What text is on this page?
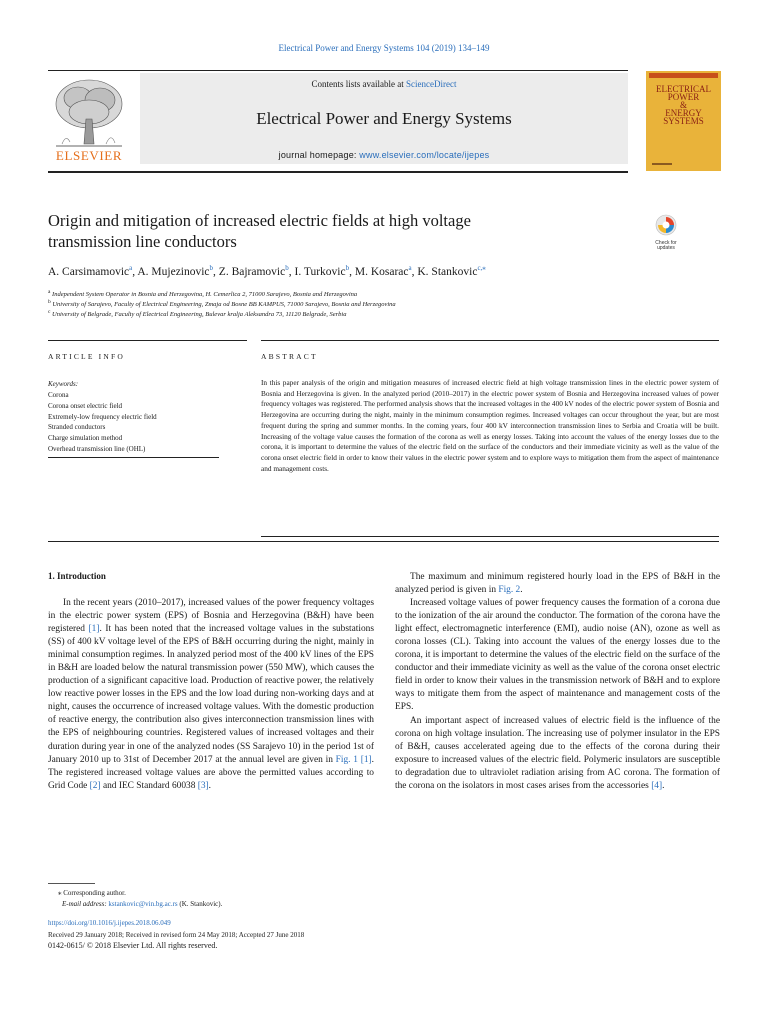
Electrical Power and Energy Systems 104 (2019) 134–149
Contents lists available at ScienceDirect
Electrical Power and Energy Systems
journal homepage: www.elsevier.com/locate/ijepes
ELSEVIER
ELECTRICAL
POWER
&
ENERGY
SYSTEMS
Origin and mitigation of increased electric fields at high voltage
transmission line conductors	Check for
updates
A. Carsimamovic$^a$, A. Mujezinovic$^b$, Z. Bajramovic$^b$, I. Turkovic$^b$, M. Kosarac$^a$, K. Stankovic$^{c,⁎}$
$^a$ Independent System Operator in Bosnia and Herzegovina, H. Cemerlica 2, 71000 Sarajevo, Bosnia and Herzegovina
$^b$ University of Sarajevo, Faculty of Electrical Engineering, Zmaja od Bosne BB KAMPUS, 71000 Sarajevo, Bosnia and Herzegovina
$^c$ University of Belgrade, Faculty of Electrical Engineering, Bulevar kralja Aleksandra 73, 11120 Belgrade, Serbia
ARTICLE INFO	ABSTRACT
Keywords:
Corona
Corona onset electric field
Extremely-low frequency electric field
Stranded conductors
Charge simulation method
Overhead transmission line (OHL)
In this paper analysis of the origin and mitigation measures of increased electric field at high voltage transmission lines in the electric power system of Bosnia and Herzegovina is given. In the analyzed period (2010–2017) in the electric power system of Bosnia and Herzegovina increased values of power frequency voltages was registered. The performed analysis shows that the increased voltages in the 400 kV nodes of the electric power system of Bosnia and Herzegovina are occurring during the night, mainly in the minimum consumption regimes. Increased voltages can occur throughout the year, but are most frequent during the spring and summer months. In the coming years, four 400 kV interconnection transmission lines to Serbia and Croatia will be built. Increasing of the voltage value causes the formation of the corona as well as energy losses. Taking into account the values of the energy losses due to the corona, it is important to determine the values of the electric field on the surface of the conductors and their immediate vicinity as well as the value of the corona onset electric field in order to know their values in the electric power system and to explore ways to mitigation them from the aspect of maintenance and management costs.
1. Introduction

In the recent years (2010–2017), increased values of the power frequency voltages in the electric power system (EPS) of Bosnia and Herzegovina (B&H) have been registered [1]. It has been noted that the increased voltage values in the substations (SS) of 400 kV voltage level of the EPS of B&H occurring during the night, mainly in minimal consumption regimes. In analyzed period most of the 400 kV lines of the EPS in B&H are loaded below the natural transmission power (550 MW), which causes the production of a significant capacitive load. Production of reactive power, the relatively low reactive power losses in the EPS and the low load during non-working days and at night, causes the occurrence of increased voltage values. With the domestic production of reactive energy, the contribution also gives interconnection transmission lines with the EPS of neighbouring countries. Registered values of increased voltages and their duration during year in one of the analyzed nodes (SS Sarajevo 10) in the period 1st of January 2010 up to 31st of December 2017 at the annual level are given in Fig. 1 [1]. The registered increased voltage values are above the permitted values according to Grid Code [2] and IEC Standard 60038 [3].

The maximum and minimum registered hourly load in the EPS of B&H in the analyzed period is given in Fig. 2.

Increased voltage values of power frequency causes the formation of a corona due to the ionization of the air around the conductor. The formation of the corona have the light effect, electromagnetic interference (EMI), audio noise (AN), ozone as well as corona losses (CL). Taking into account the values of the energy losses due to the corona, it is important to determine the values of the electric field on the surface of the conductor and their immediate vicinity as well as the value of the corona onset electric field in order to know their values in the transmission network of B&H and to explore ways to mitigate them from the aspect of maintenance and management costs of the EPS.

An important aspect of increased values of electric field is the influence of the corona on high voltage insulation. The increasing use of polymer insulator in the EPS of B&H, causes accelerated ageing due to the effects of the corona during their exposure to increased values of the electric field. Polymeric insulators are susceptible to degradation due to ultraviolet radiation arising from AC corona. The formation of the corona on the isolators in most cases arises from the accessories [4].

⁎ Corresponding author.
E-mail address: kstankovic@vin.bg.ac.rs (K. Stankovic).
https://doi.org/10.1016/j.ijepes.2018.06.049
Received 29 January 2018; Received in revised form 24 May 2018; Accepted 27 June 2018
0142-0615/ © 2018 Elsevier Ltd. All rights reserved.
